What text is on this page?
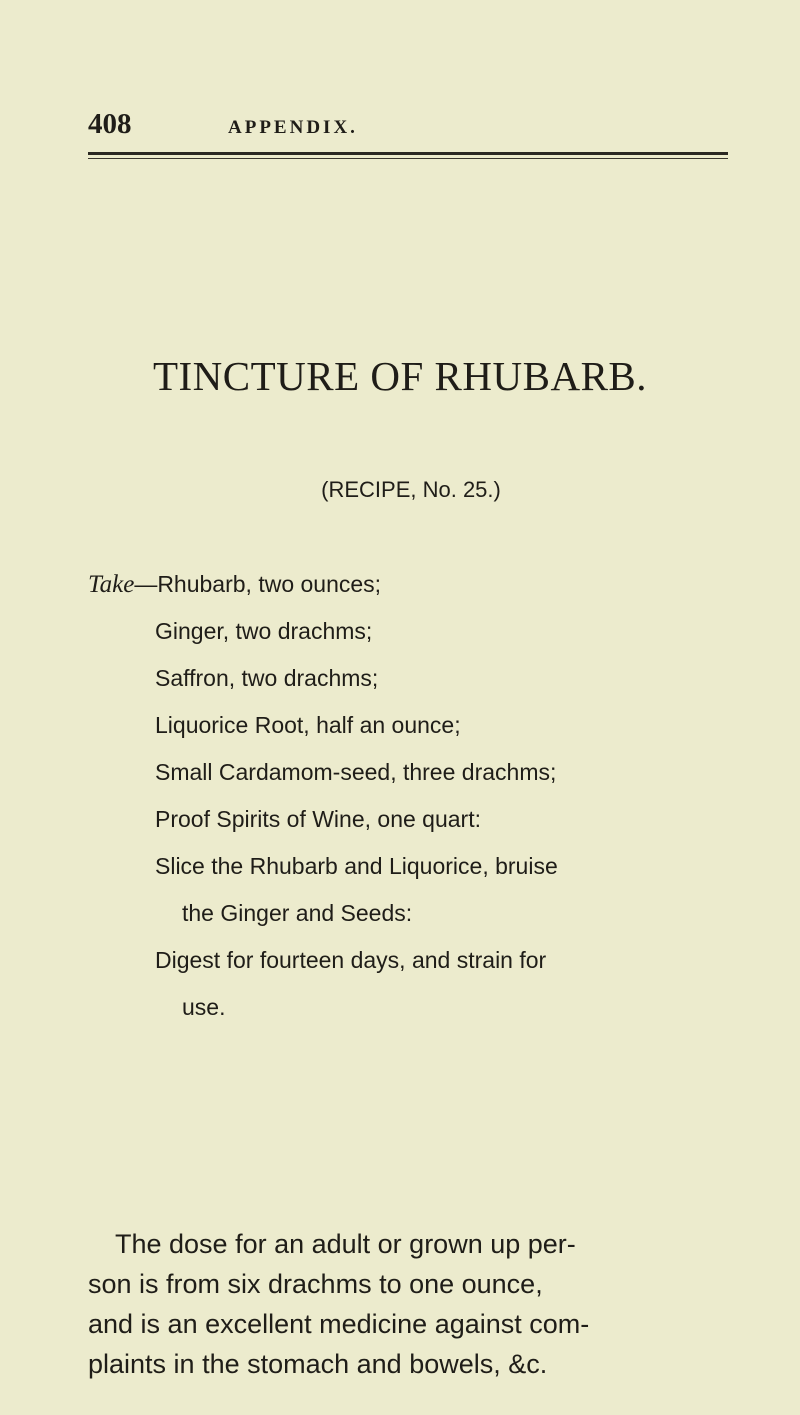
408	APPENDIX.
TINCTURE OF RHUBARB.
(RECIPE, No. 25.)
Take—Rhubarb, two ounces;
Ginger, two drachms;
Saffron, two drachms;
Liquorice Root, half an ounce;
Small Cardamom-seed, three drachms;
Proof Spirits of Wine, one quart:
Slice the Rhubarb and Liquorice, bruise
the Ginger and Seeds:
Digest for fourteen days, and strain for
use.
The dose for an adult or grown up per-
son is from six drachms to one ounce,
and is an excellent medicine against com-
plaints in the stomach and bowels, &c.
